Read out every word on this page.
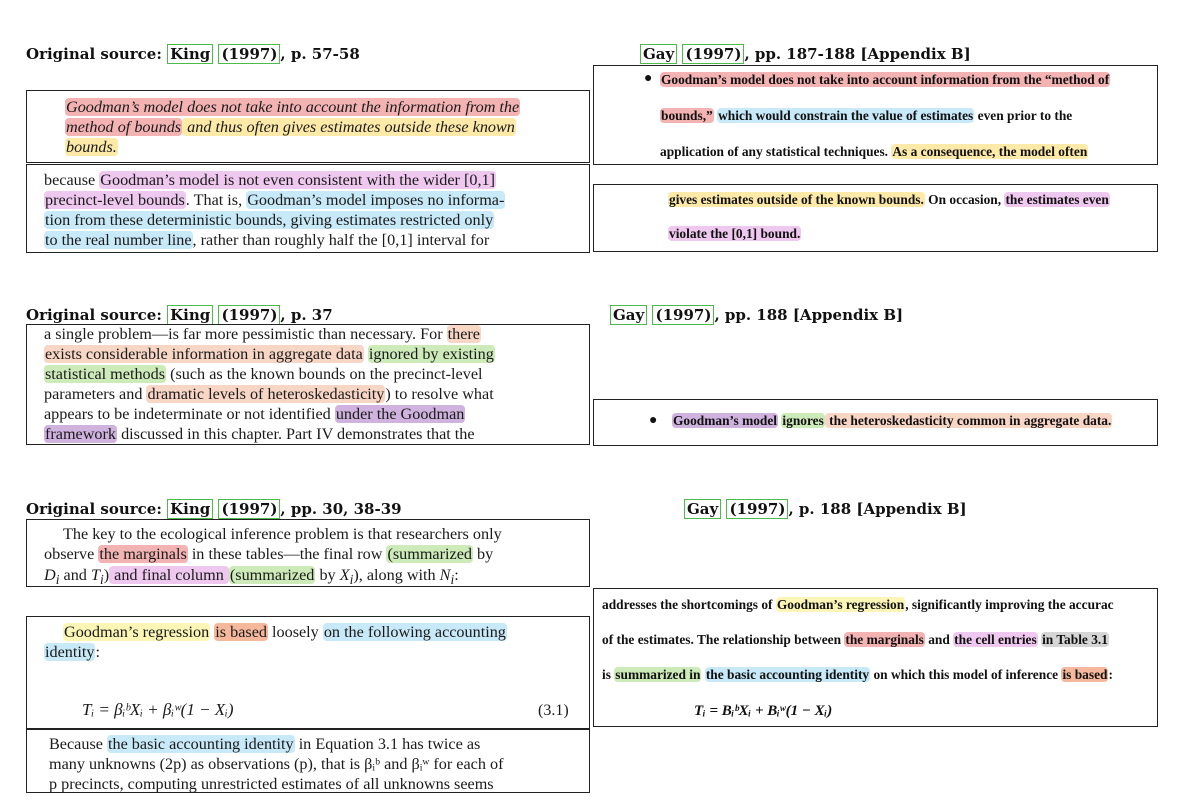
Original source: King (1997) , p. 57-58	Gay (1997) , pp. 187-188 [Appendix B]
Goodman’s model does not take into account the information from the
method of bounds and thus often gives estimates outside these known
bounds.
because Goodman’s model is not even consistent with the wider [0,1]
precinct-level bounds. That is, Goodman’s model imposes no informa-
tion from these deterministic bounds, giving estimates restricted only
to the real number line, rather than roughly half the [0,1] interval for
● Goodman’s model does not take into account information from the “method of
bounds,” which would constrain the value of estimates even prior to the
application of any statistical techniques. As a consequence, the model often
gives estimates outside of the known bounds. On occasion, the estimates even
violate the [0,1] bound.
Original source: King (1997) , p. 37	Gay (1997) , pp. 188 [Appendix B]
a single problem—is far more pessimistic than necessary. For there
exists considerable information in aggregate data ignored by existing
statistical methods (such as the known bounds on the precinct-level
parameters and dramatic levels of heteroskedasticity) to resolve what
appears to be indeterminate or not identified under the Goodman
framework discussed in this chapter. Part IV demonstrates that the
● Goodman’s model ignores the heteroskedasticity common in aggregate data.
Original source: King (1997) , pp. 30, 38-39	Gay (1997) , p. 188 [Appendix B]
The key to the ecological inference problem is that researchers only
observe the marginals in these tables—the final row (summarized by
$D_i$ and $T_i$) and final column (summarized by $X_i$), along with $N_i$:
Goodman’s regression is based loosely on the following accounting
identity:
Tᵢ = βᵢᵇXᵢ + βᵢʷ(1 − Xᵢ)	(3.1)
Because the basic accounting identity in Equation 3.1 has twice as
many unknowns (2p) as observations (p), that is βᵢᵇ and βᵢʷ for each of
p precincts, computing unrestricted estimates of all unknowns seems
addresses the shortcomings of Goodman’s regression, significantly improving the accurac
of the estimates. The relationship between the marginals and the cell entries in Table 3.1
is summarized in the basic accounting identity on which this model of inference is based:
Tᵢ = BᵢᵇXᵢ + Bᵢʷ(1 − Xᵢ)
